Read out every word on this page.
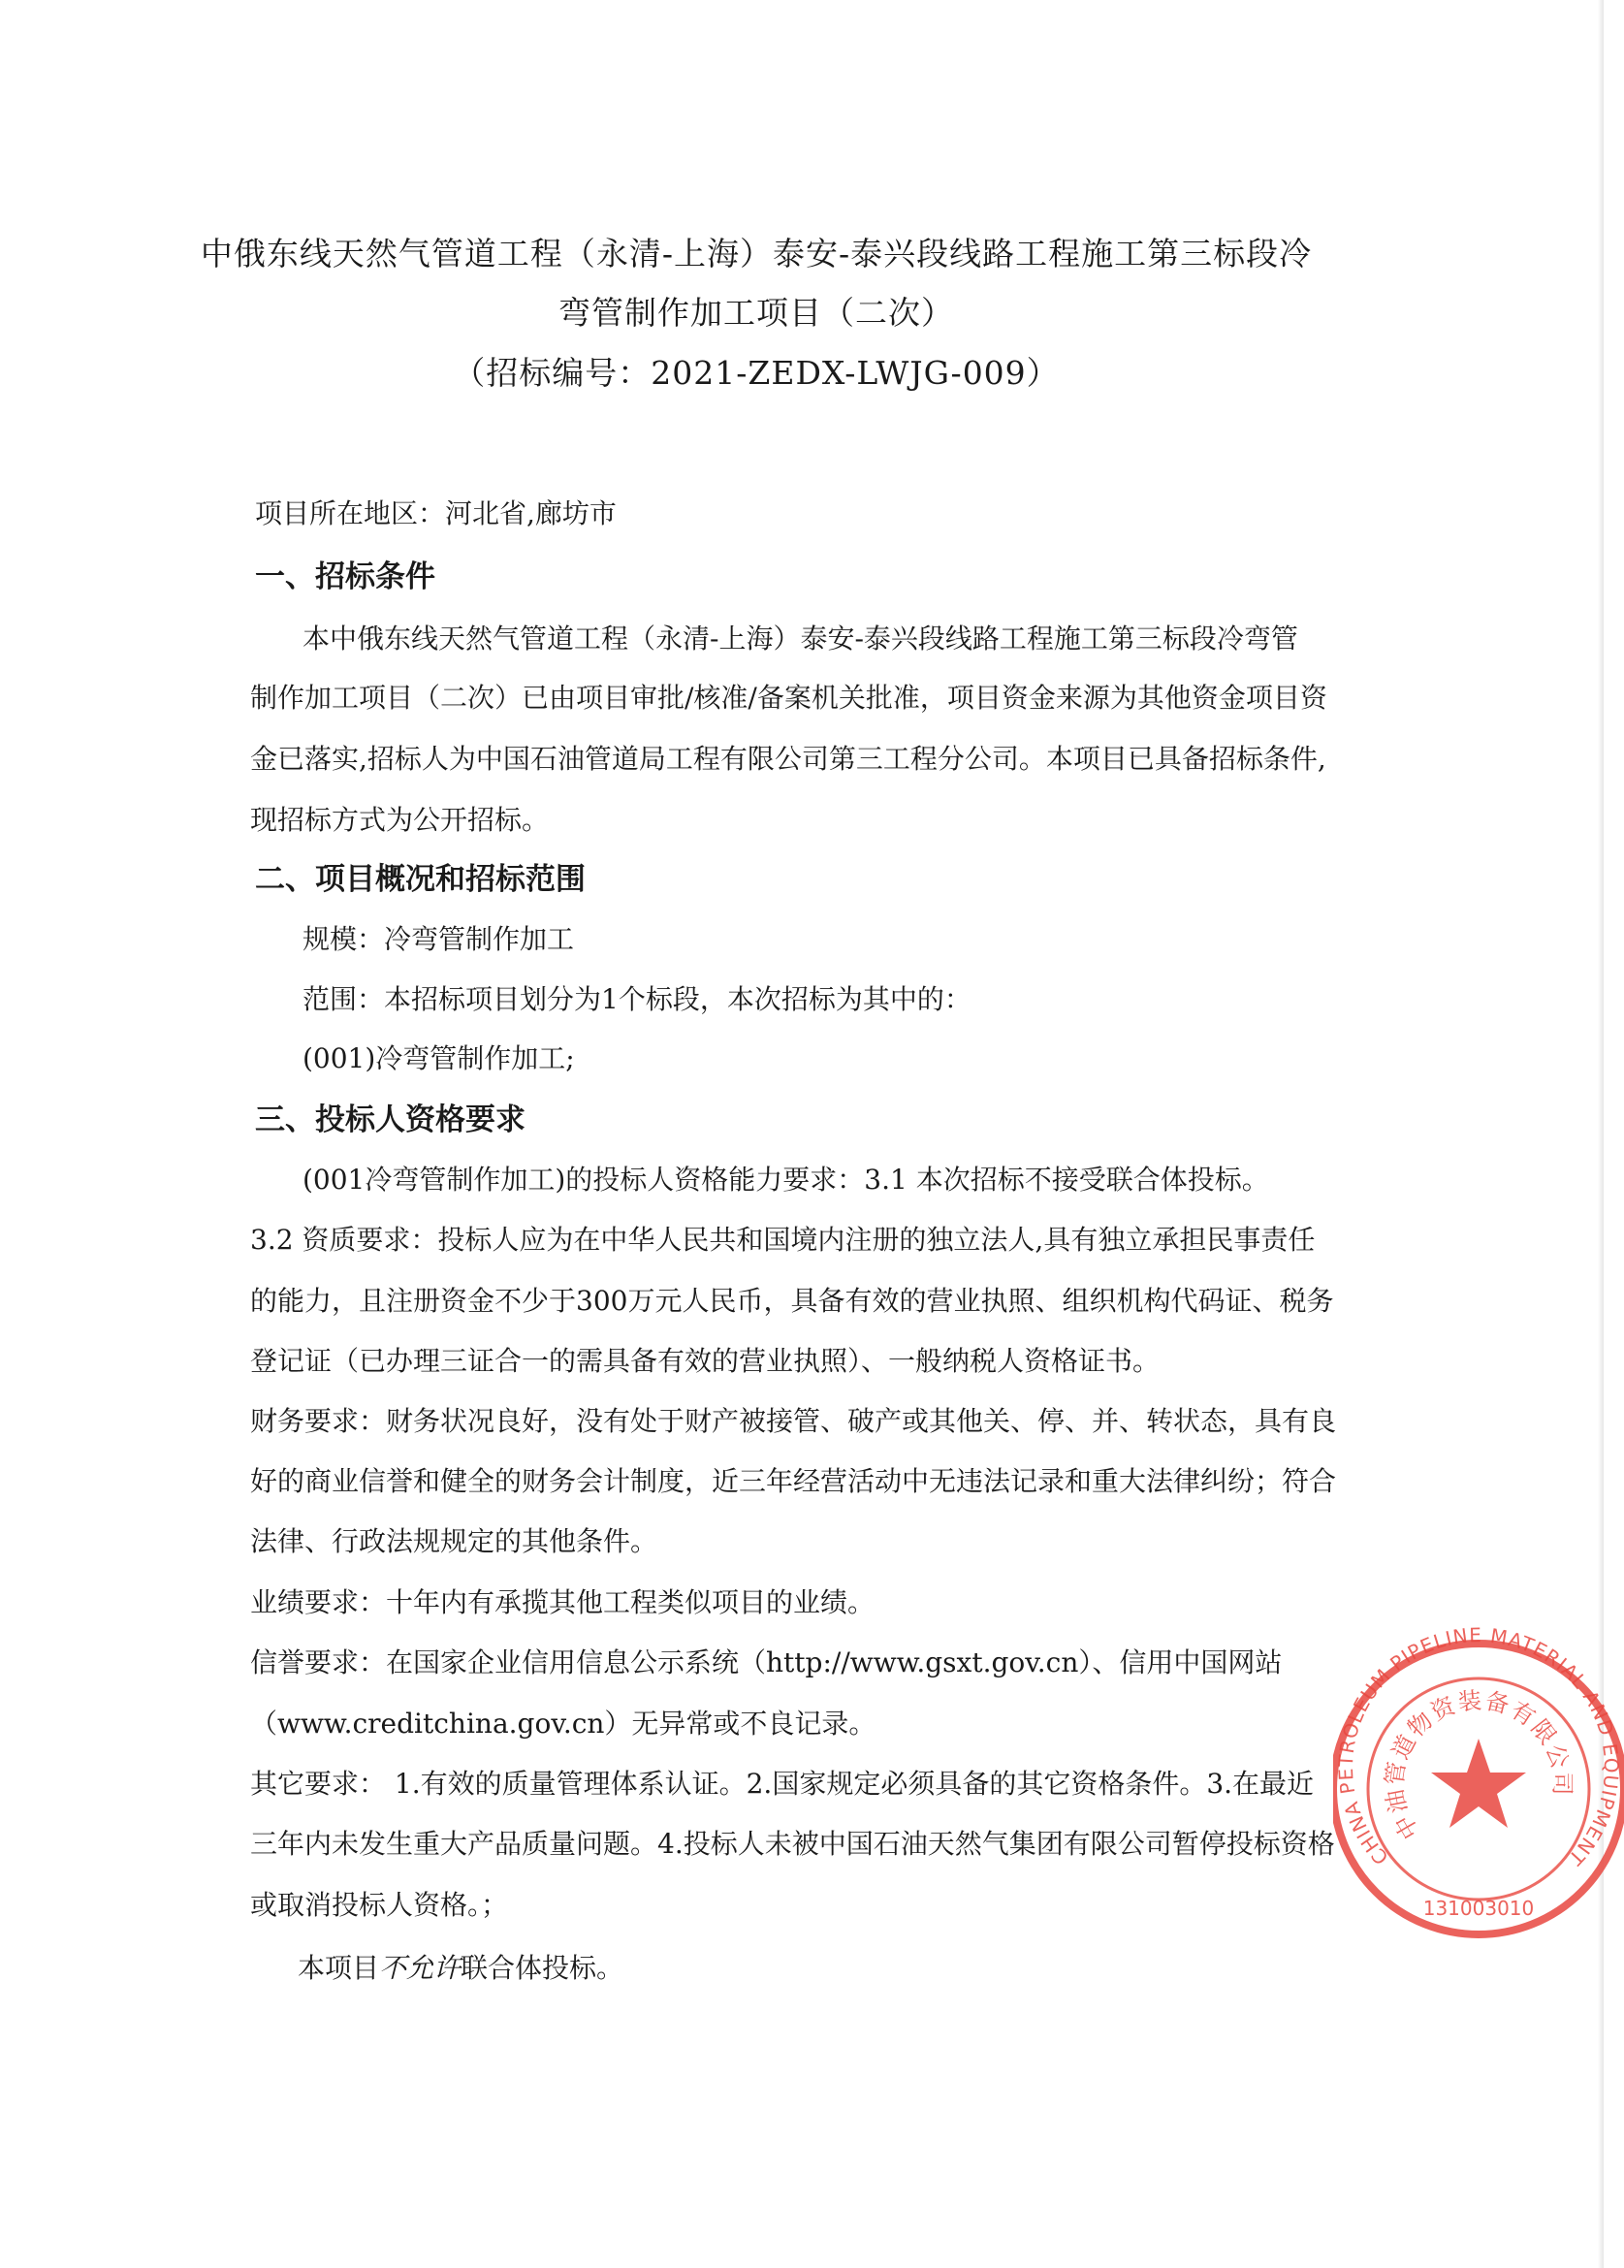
中俄东线天然气管道工程（永清-上海）泰安-泰兴段线路工程施工第三标段冷
弯管制作加工项目（二次）
（招标编号：2021-ZEDX-LWJG-009）
项目所在地区：河北省,廊坊市
一、招标条件
本中俄东线天然气管道工程（永清-上海）泰安-泰兴段线路工程施工第三标段冷弯管
制作加工项目（二次）已由项目审批/核准/备案机关批准，项目资金来源为其他资金项目资
金已落实,招标人为中国石油管道局工程有限公司第三工程分公司。本项目已具备招标条件,
现招标方式为公开招标。
二、项目概况和招标范围
规模：冷弯管制作加工
范围：本招标项目划分为1个标段，本次招标为其中的：
(001)冷弯管制作加工;
三、投标人资格要求
(001冷弯管制作加工)的投标人资格能力要求：3.1 本次招标不接受联合体投标。
3.2 资质要求：投标人应为在中华人民共和国境内注册的独立法人,具有独立承担民事责任
的能力，且注册资金不少于300万元人民币，具备有效的营业执照、组织机构代码证、税务
登记证（已办理三证合一的需具备有效的营业执照）、一般纳税人资格证书。
财务要求：财务状况良好，没有处于财产被接管、破产或其他关、停、并、转状态，具有良
好的商业信誉和健全的财务会计制度，近三年经营活动中无违法记录和重大法律纠纷；符合
法律、行政法规规定的其他条件。
业绩要求：十年内有承揽其他工程类似项目的业绩。
信誉要求：在国家企业信用信息公示系统（http://www.gsxt.gov.cn）、信用中国网站
（www.creditchina.gov.cn）无异常或不良记录。
其它要求： 1.有效的质量管理体系认证。2.国家规定必须具备的其它资格条件。3.在最近
三年内未发生重大产品质量问题。4.投标人未被中国石油天然气集团有限公司暂停投标资格
或取消投标人资格。；
本项目不允许联合体投标。
CHINA PETROLEUM PIPELINE MATERIAL AND EQUIPMENT
中油管道物资装备有限公司
131003010
